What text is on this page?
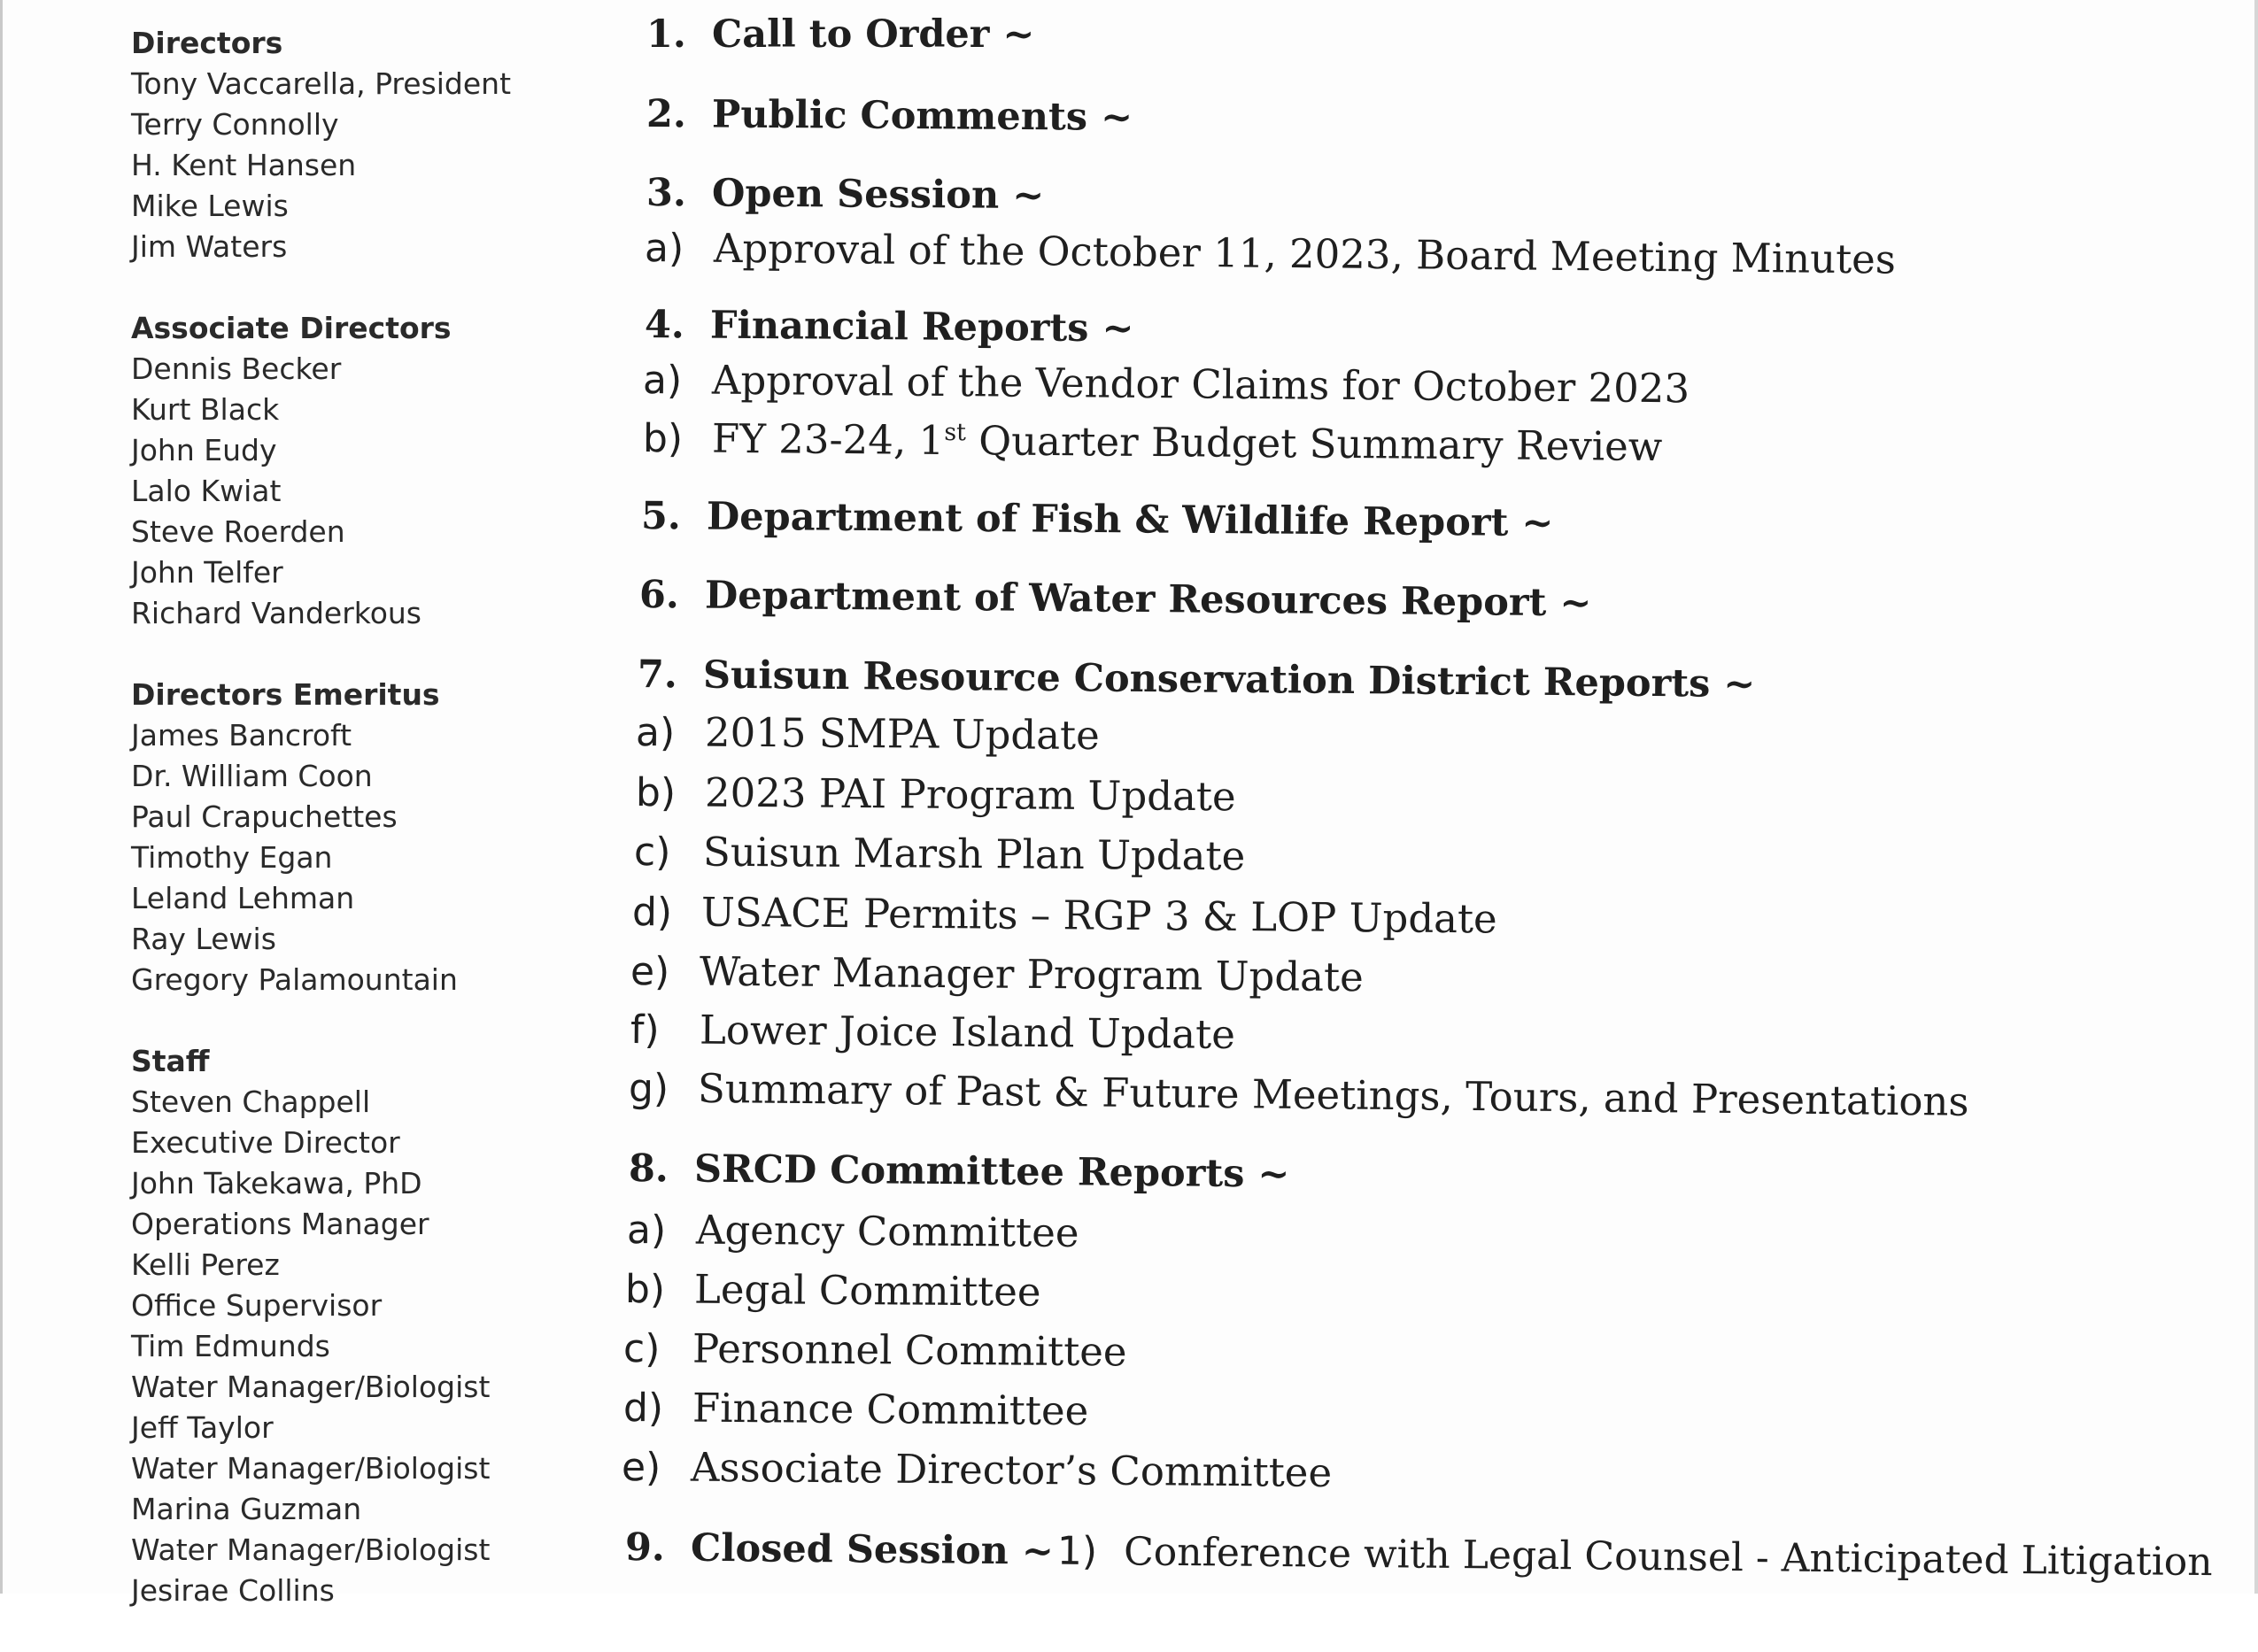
Directors
Tony Vaccarella, President
Terry Connolly
H. Kent Hansen
Mike Lewis
Jim Waters
Associate Directors
Dennis Becker
Kurt Black
John Eudy
Lalo Kwiat
Steve Roerden
John Telfer
Richard Vanderkous
Directors Emeritus
James Bancroft
Dr. William Coon
Paul Crapuchettes
Timothy Egan
Leland Lehman
Ray Lewis
Gregory Palamountain
Staff
Steven Chappell
Executive Director
John Takekawa, PhD
Operations Manager
Kelli Perez
Office Supervisor
Tim Edmunds
Water Manager/Biologist
Jeff Taylor
Water Manager/Biologist
Marina Guzman
Water Manager/Biologist
Jesirae Collins
1. Call to Order ~
2. Public Comments ~
3. Open Session ~
a) Approval of the October 11, 2023, Board Meeting Minutes
4. Financial Reports ~
a) Approval of the Vendor Claims for October 2023
b) FY 23-24, 1st Quarter Budget Summary Review
5. Department of Fish & Wildlife Report ~
6. Department of Water Resources Report ~
7. Suisun Resource Conservation District Reports ~
a) 2015 SMPA Update
b) 2023 PAI Program Update
c) Suisun Marsh Plan Update
d) USACE Permits – RGP 3 & LOP Update
e) Water Manager Program Update
f) Lower Joice Island Update
g) Summary of Past & Future Meetings, Tours, and Presentations
8. SRCD Committee Reports ~
a) Agency Committee
b) Legal Committee
c) Personnel Committee
d) Finance Committee
e) Associate Director’s Committee
9. Closed Session ~1) Conference with Legal Counsel - Anticipated Litigation
